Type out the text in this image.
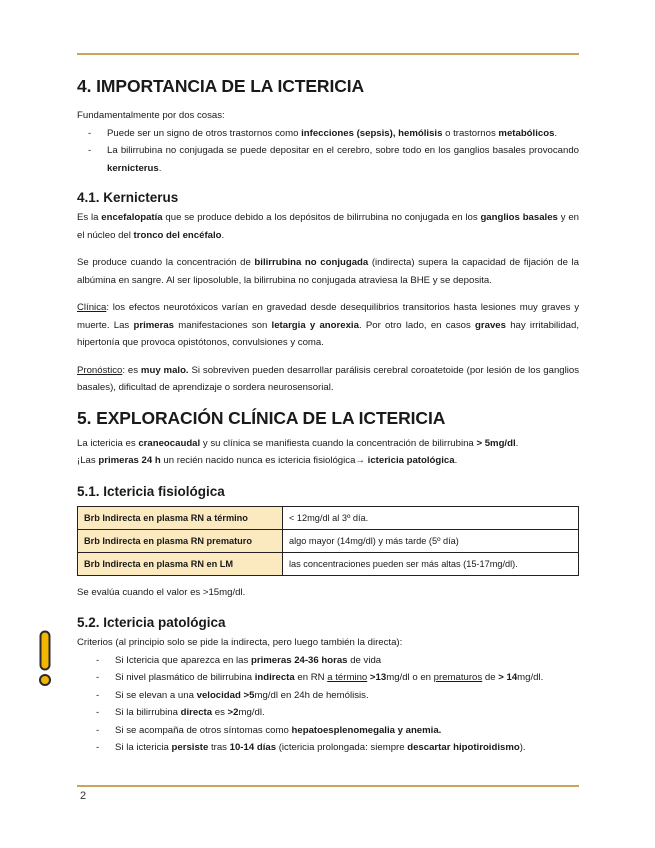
4. IMPORTANCIA DE LA ICTERICIA

Fundamentalmente por dos cosas:

- Puede ser un signo de otros trastornos como infecciones (sepsis), hemólisis o trastornos metabólicos.
- La bilirrubina no conjugada se puede depositar en el cerebro, sobre todo en los ganglios basales provocando kernicterus.
4.1. Kernicterus

Es la encefalopatía que se produce debido a los depósitos de bilirrubina no conjugada en los ganglios basales y en el núcleo del tronco del encéfalo.

Se produce cuando la concentración de bilirrubina no conjugada (indirecta) supera la capacidad de fijación de la albúmina en sangre. Al ser liposoluble, la bilirrubina no conjugada atraviesa la BHE y se deposita.

Clínica: los efectos neurotóxicos varían en gravedad desde desequilibrios transitorios hasta lesiones muy graves y muerte. Las primeras manifestaciones son letargia y anorexia. Por otro lado, en casos graves hay irritabilidad, hipertonía que provoca opistótonos, convulsiones y coma.

Pronóstico: es muy malo. Si sobreviven pueden desarrollar parálisis cerebral coroatetoide (por lesión de los ganglios basales), dificultad de aprendizaje o sordera neurosensorial.

5. EXPLORACIÓN CLÍNICA DE LA ICTERICIA

La ictericia es craneocaudal y su clínica se manifiesta cuando la concentración de bilirrubina > 5mg/dl.

¡Las primeras 24 h un recién nacido nunca es ictericia fisiológica→ ictericia patológica.

5.1. Ictericia fisiológica
Brb Indirecta en plasma RN a término	< 12mg/dl al 3º día.
Brb Indirecta en plasma RN prematuro	algo mayor (14mg/dl) y más tarde (5º día)
Brb Indirecta en plasma RN en LM	las concentraciones pueden ser más altas (15-17mg/dl).

Se evalúa cuando el valor es >15mg/dl.

5.2. Ictericia patológica

Criterios (al principio solo se pide la indirecta, pero luego también la directa):

- Si Ictericia que aparezca en las primeras 24-36 horas de vida
- Si nivel plasmático de bilirrubina indirecta en RN a término >13mg/dl o en prematuros de > 14mg/dl.
- Si se elevan a una velocidad >5mg/dl en 24h de hemólisis.
- Si la bilirrubina directa es >2mg/dl.
- Si se acompaña de otros síntomas como hepatoesplenomegalia y anemia.
- Si la ictericia persiste tras 10-14 días (ictericia prolongada: siempre descartar hipotiroidismo).
2
